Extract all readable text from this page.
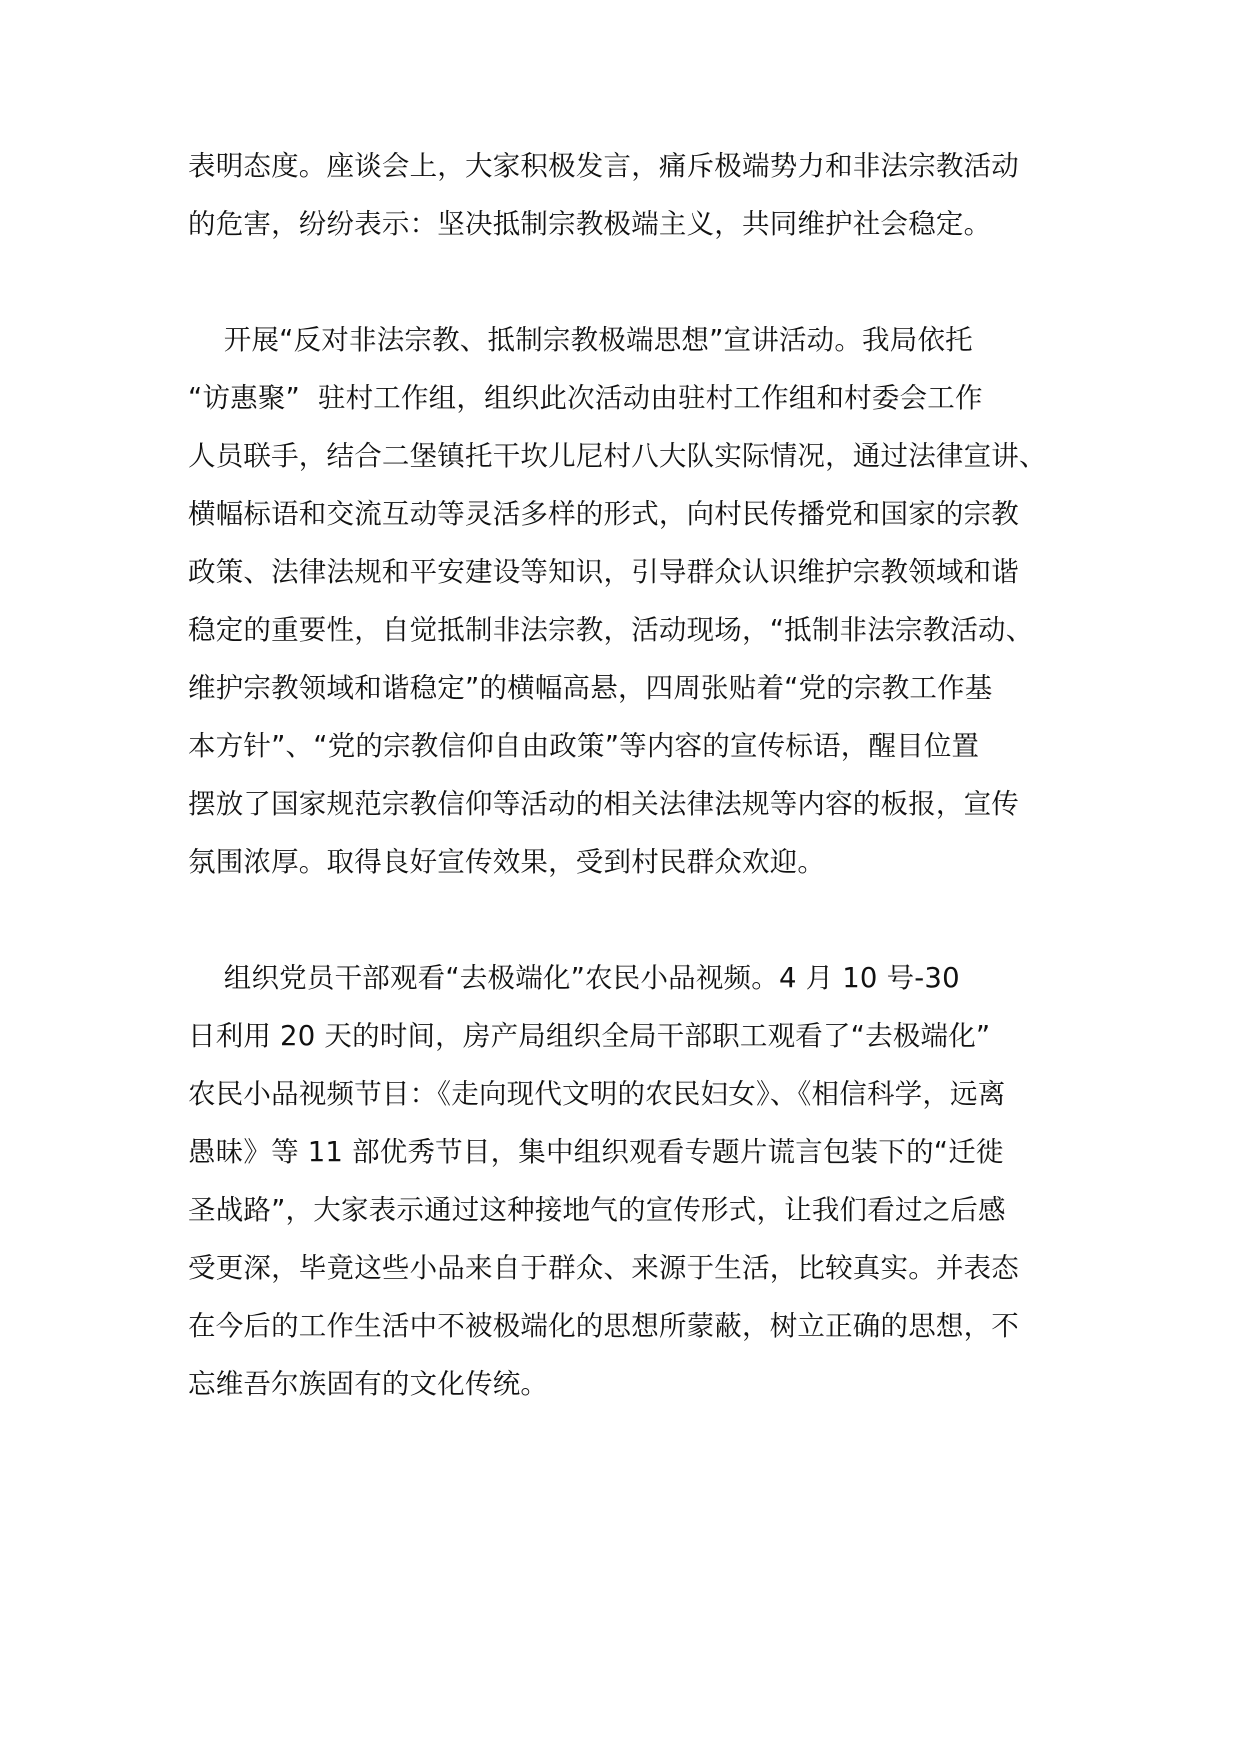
表明态度。座谈会上，大家积极发言，痛斥极端势力和非法宗教活动
的危害，纷纷表示：坚决抵制宗教极端主义，共同维护社会稳定。
开展“反对非法宗教、抵制宗教极端思想”宣讲活动。我局依托
“访惠聚”  驻村工作组，组织此次活动由驻村工作组和村委会工作
人员联手，结合二堡镇托干坎儿尼村八大队实际情况，通过法律宣讲、
横幅标语和交流互动等灵活多样的形式，向村民传播党和国家的宗教
政策、法律法规和平安建设等知识，引导群众认识维护宗教领域和谐
稳定的重要性，自觉抵制非法宗教，活动现场，“抵制非法宗教活动、
维护宗教领域和谐稳定”的横幅高悬，四周张贴着“党的宗教工作基
本方针”、“党的宗教信仰自由政策”等内容的宣传标语，醒目位置
摆放了国家规范宗教信仰等活动的相关法律法规等内容的板报，宣传
氛围浓厚。取得良好宣传效果，受到村民群众欢迎。
组织党员干部观看“去极端化”农民小品视频。4 月 10 号-30
日利用 20 天的时间，房产局组织全局干部职工观看了“去极端化”
农民小品视频节目：《走向现代文明的农民妇女》、《相信科学，远离
愚昧》等 11 部优秀节目，集中组织观看专题片谎言包装下的“迁徙
圣战路”，大家表示通过这种接地气的宣传形式，让我们看过之后感
受更深，毕竟这些小品来自于群众、来源于生活，比较真实。并表态
在今后的工作生活中不被极端化的思想所蒙蔽，树立正确的思想，不
忘维吾尔族固有的文化传统。
